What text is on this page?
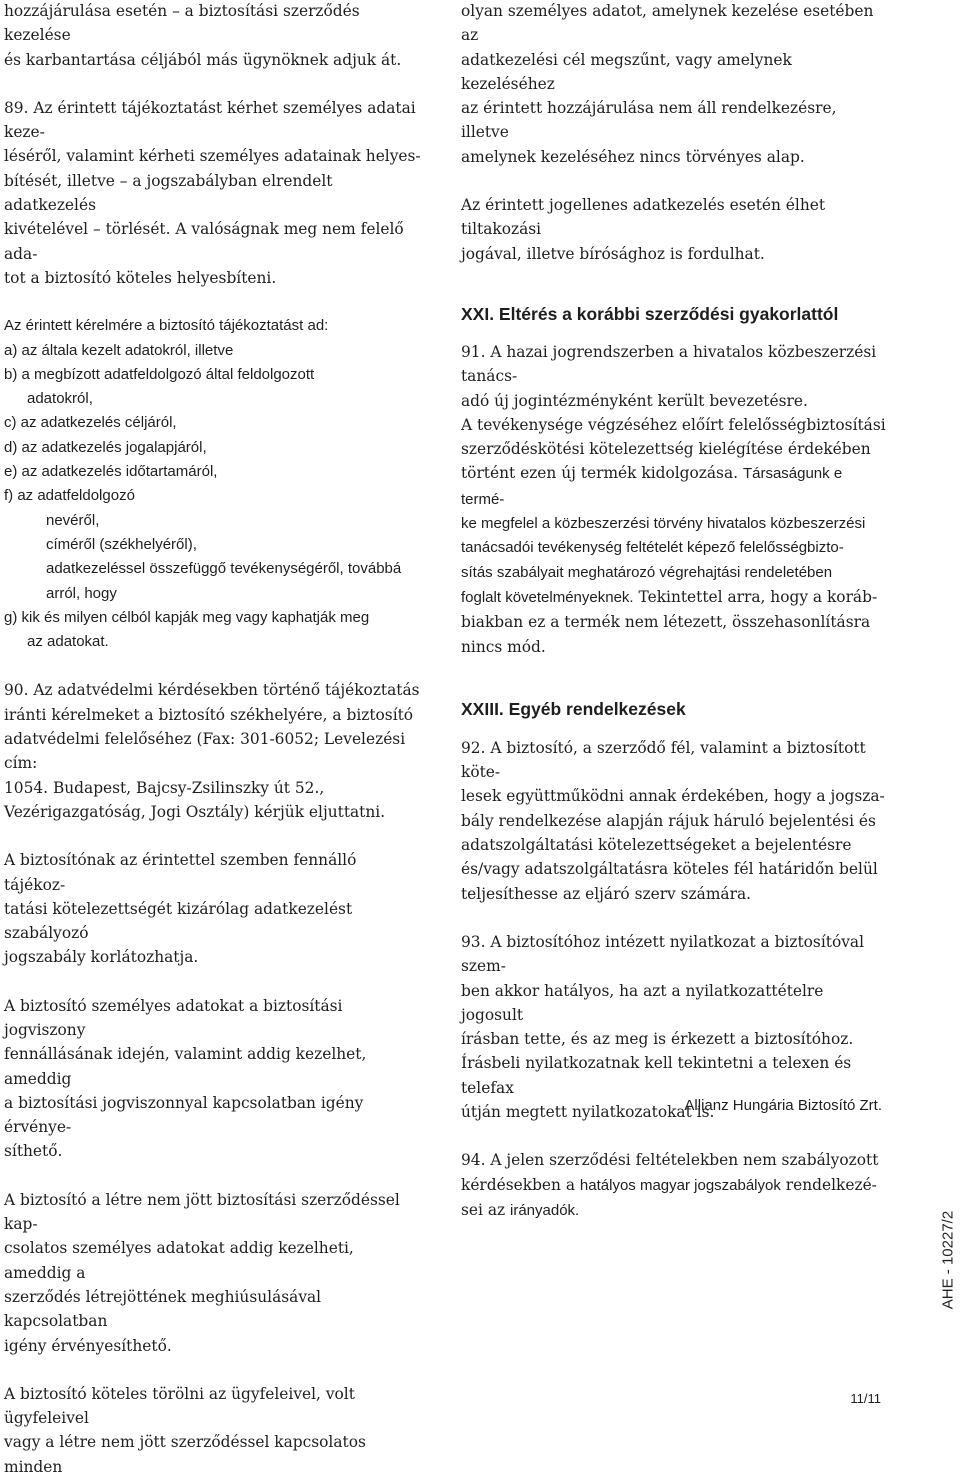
hozzájárulása esetén – a biztosítási szerződés kezelése

és karbantartása céljából más ügynöknek adjuk át.

89. Az érintett tájékoztatást kérhet személyes adatai keze-

léséről, valamint kérheti személyes adatainak helyes-

bítését, illetve – a jogszabályban elrendelt adatkezelés

kivételével – törlését. A valóságnak meg nem felelő ada-

tot a biztosító köteles helyesbíteni.

Az érintett kérelmére a biztosító tájékoztatást ad:

a) az általa kezelt adatokról, illetve

b) a megbízott adatfeldolgozó által feldolgozott

adatokról,

c) az adatkezelés céljáról,

d) az adatkezelés jogalapjáról,

e) az adatkezelés időtartamáról,

f) az adatfeldolgozó

nevéről,

címéről (székhelyéről),

adatkezeléssel összefüggő tevékenységéről, továbbá

arról, hogy

g) kik és milyen célból kapják meg vagy kaphatják meg

az adatokat.

90. Az adatvédelmi kérdésekben történő tájékoztatás

iránti kérelmeket a biztosító székhelyére, a biztosító

adatvédelmi felelőséhez (Fax: 301-6052; Levelezési cím:

1054. Budapest, Bajcsy-Zsilinszky út 52.,

Vezérigazgatóság, Jogi Osztály) kérjük eljuttatni.

A biztosítónak az érintettel szemben fennálló tájékoz-

tatási kötelezettségét kizárólag adatkezelést szabályozó

jogszabály korlátozhatja.

A biztosító személyes adatokat a biztosítási jogviszony

fennállásának idején, valamint addig kezelhet, ameddig

a biztosítási jogviszonnyal kapcsolatban igény érvénye-

síthető.

A biztosító a létre nem jött biztosítási szerződéssel kap-

csolatos személyes adatokat addig kezelheti, ameddig a

szerződés létrejöttének meghiúsulásával kapcsolatban

igény érvényesíthető.

A biztosító köteles törölni az ügyfeleivel, volt ügyfeleivel

vagy a létre nem jött szerződéssel kapcsolatos minden

olyan személyes adatot, amelynek kezelése esetében az

adatkezelési cél megszűnt, vagy amelynek kezeléséhez

az érintett hozzájárulása nem áll rendelkezésre, illetve

amelynek kezeléséhez nincs törvényes alap.

Az érintett jogellenes adatkezelés esetén élhet tiltakozási

jogával, illetve bírósághoz is fordulhat.

XXI. Eltérés a korábbi szerződési gyakorlattól

91. A hazai jogrendszerben a hivatalos közbeszerzési tanács-

adó új jogintézményként került bevezetésre.

A tevékenysége végzéséhez előírt felelősségbiztosítási

szerződéskötési kötelezettség kielégítése érdekében

történt ezen új termék kidolgozása. Társaságunk e termé-

ke megfelel a közbeszerzési törvény hivatalos közbeszerzési

tanácsadói tevékenység feltételét képező felelősségbizto-

sítás szabályait meghatározó végrehajtási rendeletében

foglalt követelményeknek. Tekintettel arra, hogy a koráb-

biakban ez a termék nem létezett, összehasonlításra

nincs mód.

XXIII. Egyéb rendelkezések

92. A biztosító, a szerződő fél, valamint a biztosított köte-

lesek együttműködni annak érdekében, hogy a jogsza-

bály rendelkezése alapján rájuk háruló bejelentési és

adatszolgáltatási kötelezettségeket a bejelentésre

és/vagy adatszolgáltatásra köteles fél határidőn belül

teljesíthesse az eljáró szerv számára.

93. A biztosítóhoz intézett nyilatkozat a biztosítóval szem-

ben akkor hatályos, ha azt a nyilatkozattételre jogosult

írásban tette, és az meg is érkezett a biztosítóhoz.

Írásbeli nyilatkozatnak kell tekintetni a telexen és telefax

útján megtett nyilatkozatokat is.

94. A jelen szerződési feltételekben nem szabályozott

kérdésekben a hatályos magyar jogszabályok rendelkezé-

sei az irányadók.

Allianz Hungária Biztosító Zrt.
AHE - 10227/2
11/11
